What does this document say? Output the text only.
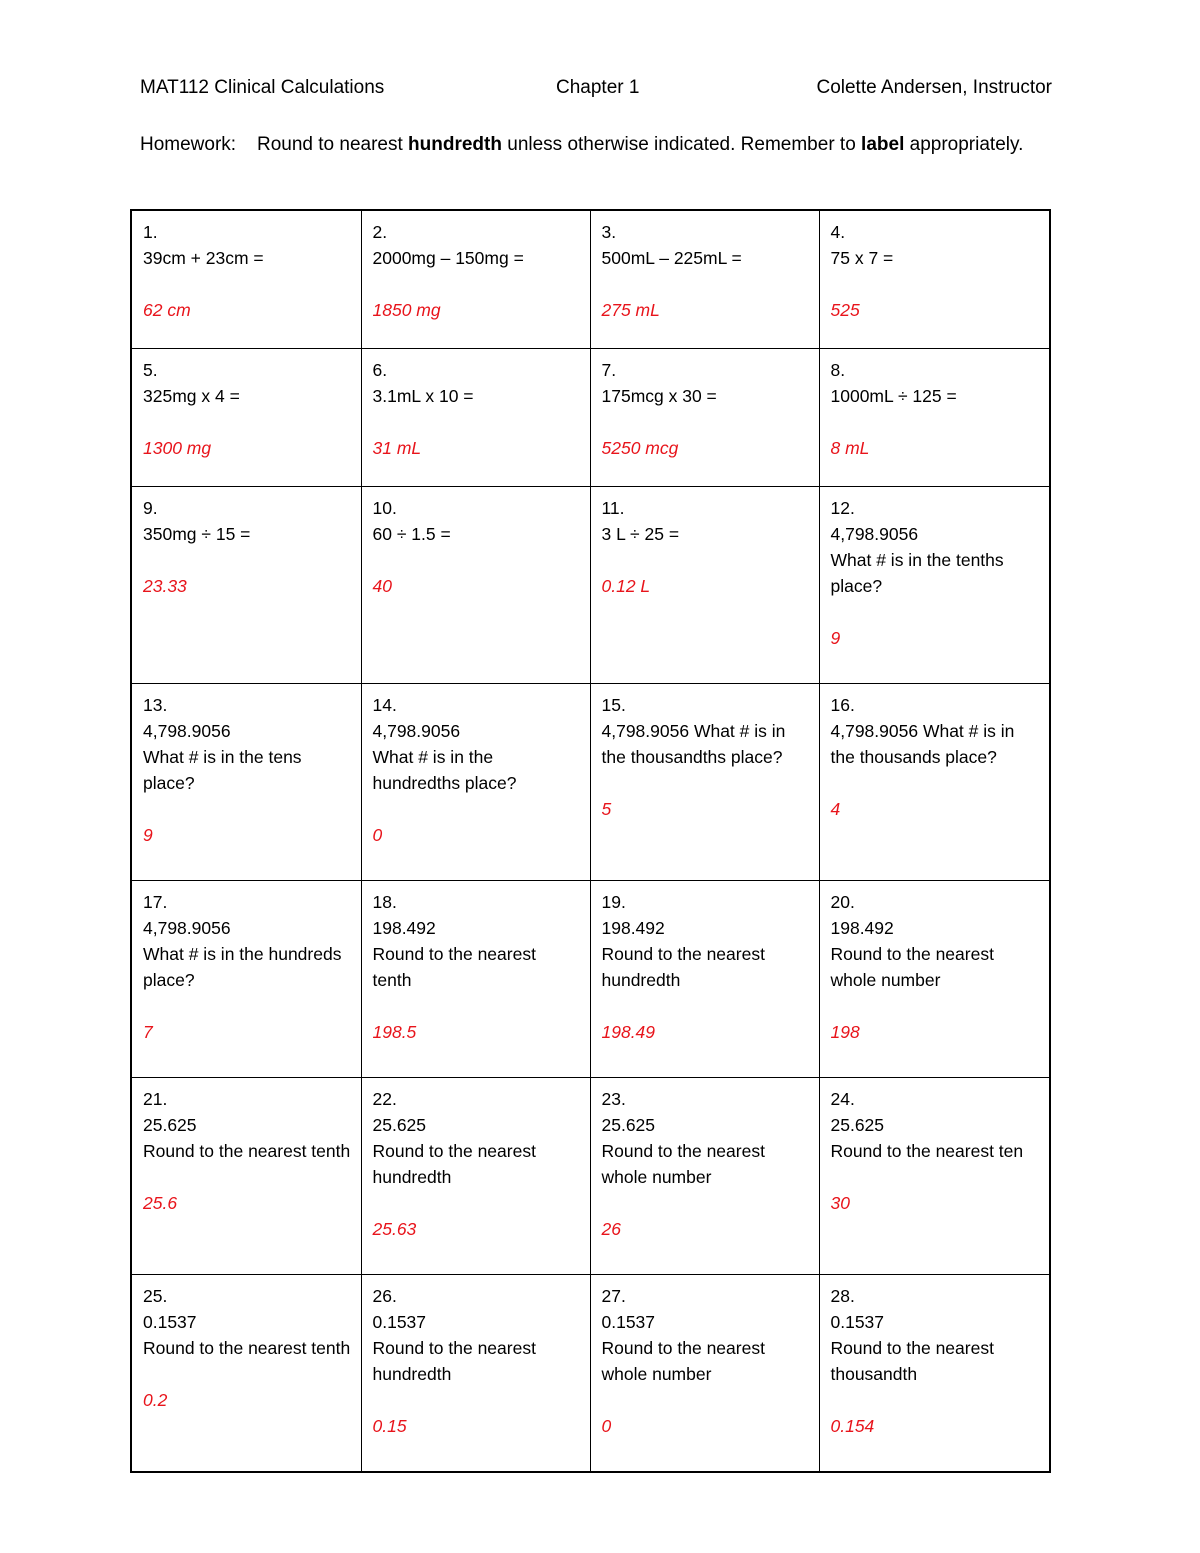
MAT112 Clinical Calculations	Chapter 1	Colette Andersen, Instructor
Homework: Round to nearest hundredth unless otherwise indicated. Remember to label appropriately.
1.
39cm + 23cm =
62 cm	2.
2000mg – 150mg =
1850 mg	3.
500mL – 225mL =
275 mL	4.
75 x 7 =
525

5.
325mg x 4 =
1300 mg	6.
3.1mL x 10 =
31 mL	7.
175mcg x 30 =
5250 mcg	8.
1000mL ÷ 125 =
8 mL

9.
350mg ÷ 15 =
23.33	10.
60 ÷ 1.5 =
40	11.
3 L ÷ 25 =
0.12 L	12.
4,798.9056
What # is in the tenths place?
9

13.
4,798.9056
What # is in the tens place?
9	14.
4,798.9056
What # is in the hundredths place?
0	15.
4,798.9056 What # is in the thousandths place?
5	16.
4,798.9056 What # is in the thousands place?
4

17.
4,798.9056
What # is in the hundreds place?
7	18.
198.492
Round to the nearest tenth
198.5	19.
198.492
Round to the nearest hundredth
198.49	20.
198.492
Round to the nearest whole number
198

21.
25.625
Round to the nearest tenth
25.6	22.
25.625
Round to the nearest hundredth
25.63	23.
25.625
Round to the nearest whole number
26	24.
25.625
Round to the nearest ten
30

25.
0.1537
Round to the nearest tenth
0.2	26.
0.1537
Round to the nearest hundredth
0.15	27.
0.1537
Round to the nearest whole number
0	28.
0.1537
Round to the nearest thousandth
0.154
